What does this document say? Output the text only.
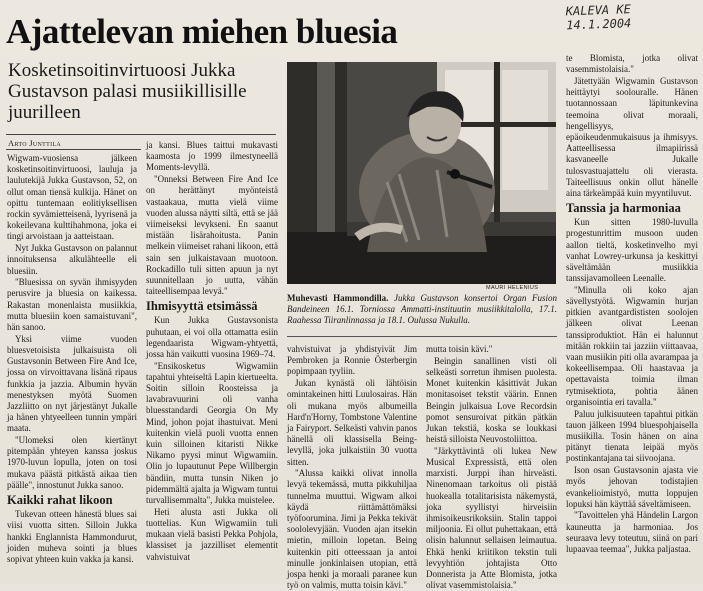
KALEVA KE 14.1.2004
Ajattelevan miehen bluesia
Kosketinsoitinvirtuoosi Jukka Gustavson palasi musiikillisille juurilleen
Arto Junttila

Wigwam-vuosiensa jälkeen kosketinsoitinvirtuoosi, lauluja ja laulutekijä Jukka Gustavson, 52, on ollut oman tiensä kulkija. Hänet on opittu tuntemaan eolitiyksellisen rockin syvämietteisenä, lyyrisenä ja kokeilevana kulttihahmona, joka ei tingi arvoistaan ja aatteistaan.

Nyt Jukka Gustavson on palannut innoituksensa alkulähteelle eli bluesiin.

"Bluesissa on syvän ihmisyyden perusvire ja bluesia on kaikessa. Rakastan monenlaista musiikkia, mutta bluesiin koen samaistuvani", hän sanoo.

Yksi viime vuoden bluesvetoisista julkaisuista oli Gustavsonin Between Fire And Ice, jossa on virvoittavana lisänä ripaus funkkia ja jazzia. Albumin hyvän menestyksen myötä Suomen Jazzliitto on nyt järjestänyt Jukalle ja hänen yhtyeelleen tunnin ympäri maata.

"Ulomeksi olen kiertänyt pitempään yhteyen kanssa joskus 1970-luvun lopulla, joten on tosi mukava päästä pitkästä aikaa tien päälle", innostunut Jukka sanoo.

Kaikki rahat likoon

Tukevan otteen hänestä blues sai viisi vuotta sitten. Silloin Jukka hankki Englannista Hammondurut, joiden muheva sointi ja blues sopivat yhteen kuin vakka ja kansi.

ja kansi. Blues taittui mukavasti kaamosta jo 1999 ilmestyneellä Moments-levyllä.

"Onneksi Between Fire And Ice on herättänyt myönteistä vastaakaua, mutta vielä viime vuoden alussa näytti siltä, että se jää viimeiseksi levykseni. En saanut mistään lisärahoitusta. Panin melkein viimeiset rahani likoon, että sain sen julkaistavaan muotoon. Rockadillo tuli sitten apuun ja nyt suunnitellaan jo uutta, vähän taiteellisempaa levyä."

Ihmisyyttä etsimässä

Kun Jukka Gustavsonista puhutaan, ei voi olla ottamatta esiin legendaarista Wigwam-yhtyettä, jossa hän vaikutti vuosina 1969–74.

"Ensikosketus Wigwamiin tapahtui yhteiseltä Lapin kiertueelta. Soitin silloin Roosteissa ja lavabravuurini oli vanha bluesstandardi Georgia On My Mind, johon pojat ihastuivat. Meni kuitenkin vielä puoli vuotta ennen kuin silloinen kitaristi Nikke Nikamo pyysi minut Wigwamiin. Olin jo lupautunut Pepe Willbergin bändiin, mutta tunsin Niken jo pidemmältä ajalta ja Wigwam tuntui turvallisemmalta", Jukka muistelee.

Heti alusta asti Jukka oli tuottelias. Kun Wigwamiin tuli mukaan vielä basisti Pekka Pohjola, klassiset ja jazzilliset elementit vahvistuivat

MAURI HELENIUS
Muhevasti Hammondilla. Jukka Gustavson konsertoi Organ Fusion Bandeineen 16.1. Torniossa Ammatti-instituutin musiikkitalolla, 17.1. Raahessa Tiiranlinnassa ja 18.1. Oulussa Nukulla.

vahvistuivat ja yhdistyivät Jim Pembroken ja Ronnie Österbergin popimpaan tyyliin.

Jukan kynästä oli lähtöisin omintakeinen hitti Luulosairas. Hän oli mukana myös albumeilla Hard'n'Horny, Tombstone Valentine ja Fairyport. Selkeästi vahvin panos hänellä oli klassisella Being-levyllä, joka julkaistiin 30 vuotta sitten.

"Alussa kaikki olivat innolla levyä tekemässä, mutta pikkuhiljaa tunnelma muuttui. Wigwam alkoi käydä riittämättömäksi työfoorumina. Jimi ja Pekka tekivät soololevyjään. Vuoden ajan itsekin mietin, milloin lopetan. Being kuitenkin piti otteessaan ja antoi minulle jonkinlaisen utopian, että jospa henki ja moraali paranee kun työ on valmis, mutta toisin kävi."

mutta toisin kävi."

Beingin sanallinen visti oli selkeästi sorretun ihmisen puolesta. Monet kuitenkin käsittivät Jukan monitasoiset tekstit väärin. Ennen Beingin julkaisua Love Recordsin pomot sensuroivat pitkän pätkän Jukan tekstiä, koska se loukkasi heistä silloista Neuvostoliittoa.

"Järkyttävintä oli lukea New Musical Expressistä, että olen marxisti. Jurppi ihan hirveästi. Ninenomaan tarkoitus oli pistää huokealla totalitarisista näkemystä, joka syyllistyi hirveisiin ihmisoikeusrikoksiin. Stalin tappoi miljoonia. Ei ollut puhettakaan, että olisin halunnut sellaisen leimautua. Ehkä henki kriitikon tekstin tuli levyyhtiön johtajista Otto Donnerista ja Atte Blomista, jotka olivat vasemmistolaisia."

te Blomista, jotka olivat vasemmistolaisia."

Jätettyään Wigwamin Gustavson heittäytyi soolouralle. Hänen tuotannossaan läpitunkevina teemoina olivat moraali, hengellisyys, epäoikeudenmukaisuus ja ihmisyys. Aatteellisessa ilmapiirissä kasvaneelle Jukalle tulosvastuajattelu oli vierasta. Taiteellisuus onkin ollut hänelle aina tärkeämpää kuin myyntiluvut.

Tanssia ja harmoniaa

Kun sitten 1980-luvulla progestunrittim musoon uuden aallon tieltä, kosketinvelho myi vanhat Lowrey-urkunsa ja keskittyi säveltämään musiikkia tanssijavamolleen Leenalle.

"Minulla oli koko ajan sävellystyötä. Wigwamin hurjan pitkien avantgardististen soolojen jälkeen olivat Leenan tanssiproduktiot. Hän ei halunnut mitään rokkiin tai jazziin viittaavaa, vaan musiikin piti olla avarampaa ja kokeellisempaa. Oli haastavaa ja opettavaista toimia ilman rytmisektiota, pohtia äänen organisointia eri tavalla."

Paluu julkisuuteen tapahtui pitkän tauon jälkeen 1994 bluespohjaisella musiikilla. Tosin hänen on aina pitänyt tienata leipää myös postinkantajana tai siivoojana.

Ison osan Gustavsonin ajasta vie myös jehovan todistajien evankelioimistyö, mutta loppujen lopuksi hän käyttää säveltämiseen.

"Tavoittelen yhä Händelin Largon kauneutta ja harmoniaa. Jos seuraava levy toteutuu, siinä on pari lupaavaa teemaa", Jukka paljastaa.
